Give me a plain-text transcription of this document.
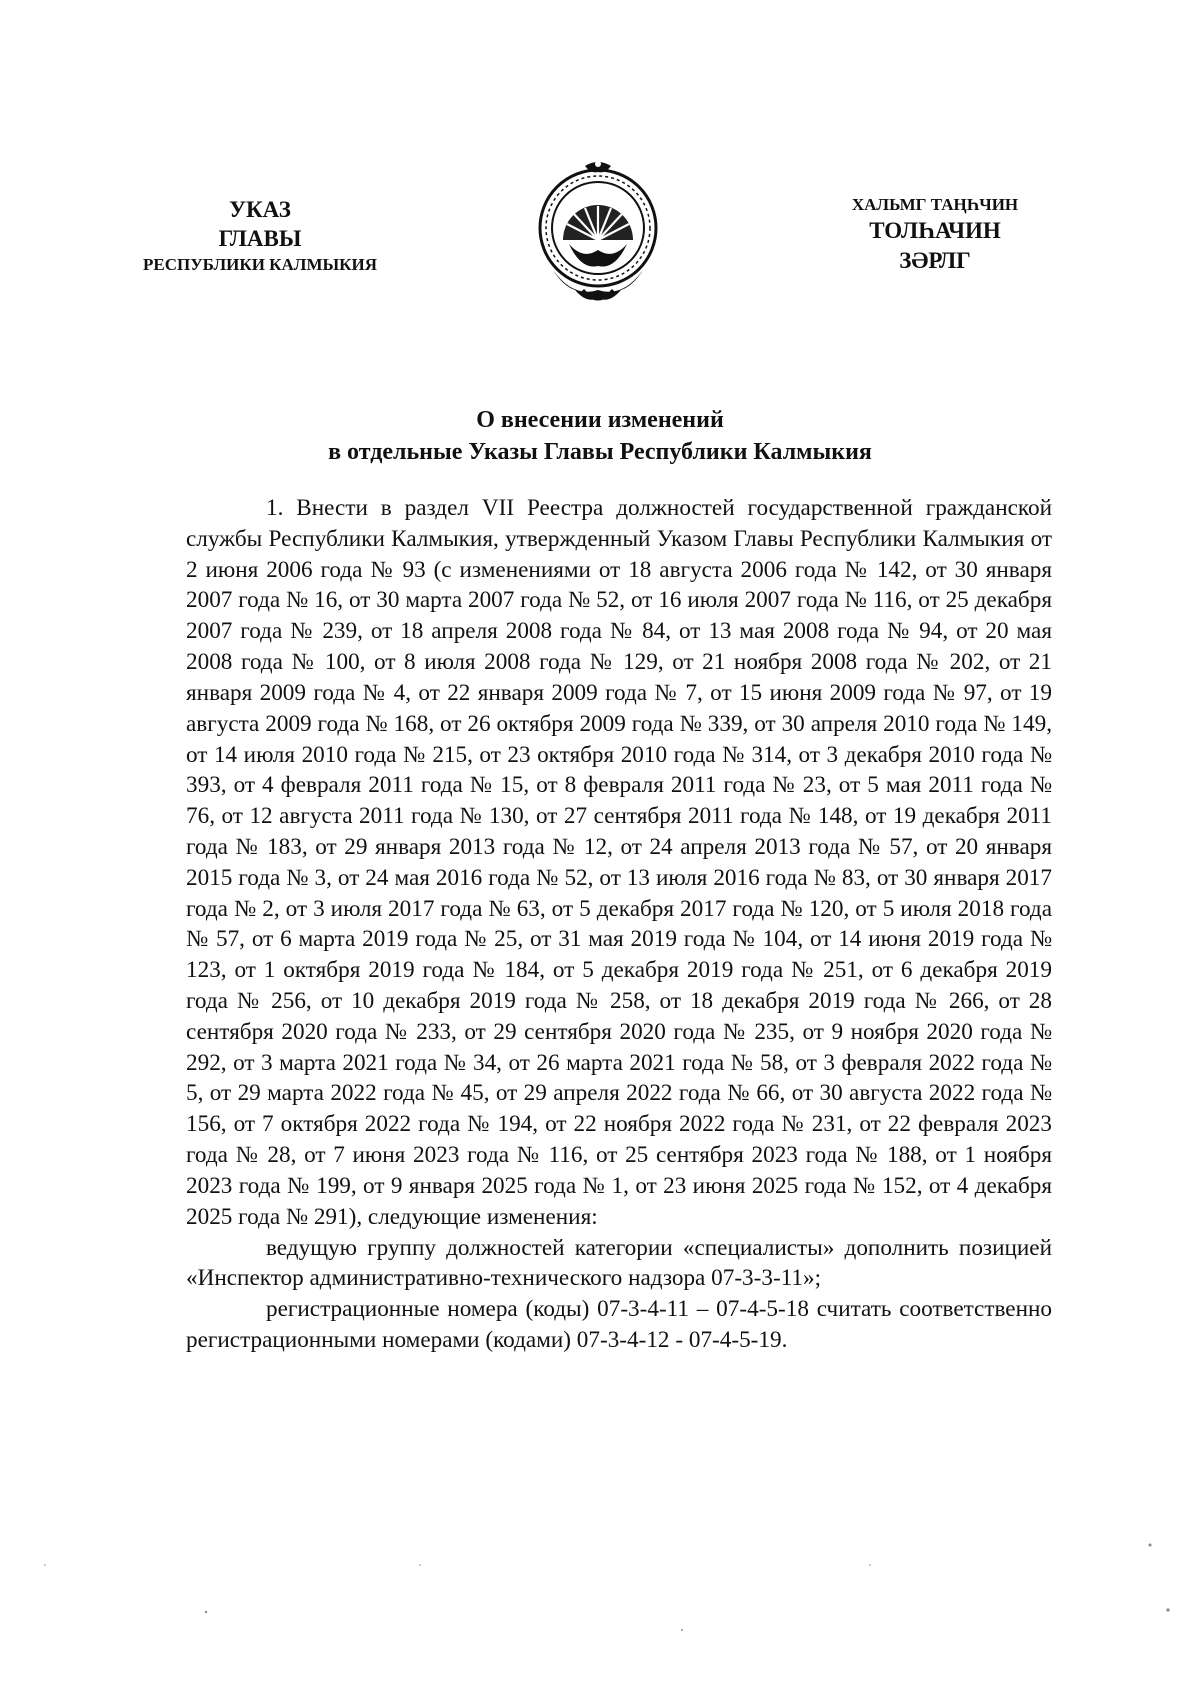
УКАЗ
ГЛАВЫ
РЕСПУБЛИКИ КАЛМЫКИЯ
ХАЛЬМГ ТАҢҺЧИН
ТОЛҺАЧИН
ЗӘРЛГ
О внесении изменений
в отдельные Указы Главы Республики Калмыкия

1. Внести в раздел VII Реестра должностей государственной гражданской службы Республики Калмыкия, утвержденный Указом Главы Республики Калмыкия от 2 июня 2006 года № 93 (с изменениями от 18 августа 2006 года № 142, от 30 января 2007 года № 16, от 30 марта 2007 года № 52, от 16 июля 2007 года № 116, от 25 декабря 2007 года № 239, от 18 апреля 2008 года № 84, от 13 мая 2008 года № 94, от 20 мая 2008 года № 100, от 8 июля 2008 года № 129, от 21 ноября 2008 года № 202, от 21 января 2009 года № 4, от 22 января 2009 года № 7, от 15 июня 2009 года № 97, от 19 августа 2009 года № 168, от 26 октября 2009 года № 339, от 30 апреля 2010 года № 149, от 14 июля 2010 года № 215, от 23 октября 2010 года № 314, от 3 декабря 2010 года № 393, от 4 февраля 2011 года № 15, от 8 февраля 2011 года № 23, от 5 мая 2011 года № 76, от 12 августа 2011 года № 130, от 27 сентября 2011 года № 148, от 19 декабря 2011 года № 183, от 29 января 2013 года № 12, от 24 апреля 2013 года № 57, от 20 января 2015 года № 3, от 24 мая 2016 года № 52, от 13 июля 2016 года № 83, от 30 января 2017 года № 2, от 3 июля 2017 года № 63, от 5 декабря 2017 года № 120, от 5 июля 2018 года № 57, от 6 марта 2019 года № 25, от 31 мая 2019 года № 104, от 14 июня 2019 года № 123, от 1 октября 2019 года № 184, от 5 декабря 2019 года № 251, от 6 декабря 2019 года № 256, от 10 декабря 2019 года № 258, от 18 декабря 2019 года № 266, от 28 сентября 2020 года № 233, от 29 сентября 2020 года № 235, от 9 ноября 2020 года № 292, от 3 марта 2021 года № 34, от 26 марта 2021 года № 58, от 3 февраля 2022 года № 5, от 29 марта 2022 года № 45, от 29 апреля 2022 года № 66, от 30 августа 2022 года № 156, от 7 октября 2022 года № 194, от 22 ноября 2022 года № 231, от 22 февраля 2023 года № 28, от 7 июня 2023 года № 116, от 25 сентября 2023 года № 188, от 1 ноября 2023 года № 199, от 9 января 2025 года № 1, от 23 июня 2025 года № 152, от 4 декабря 2025 года № 291), следующие изменения:

ведущую группу должностей категории «специалисты» дополнить позицией «Инспектор административно-технического надзора 07-3-3-11»;

регистрационные номера (коды) 07-3-4-11 – 07-4-5-18 считать соответственно регистрационными номерами (кодами) 07-3-4-12 - 07-4-5-19.
